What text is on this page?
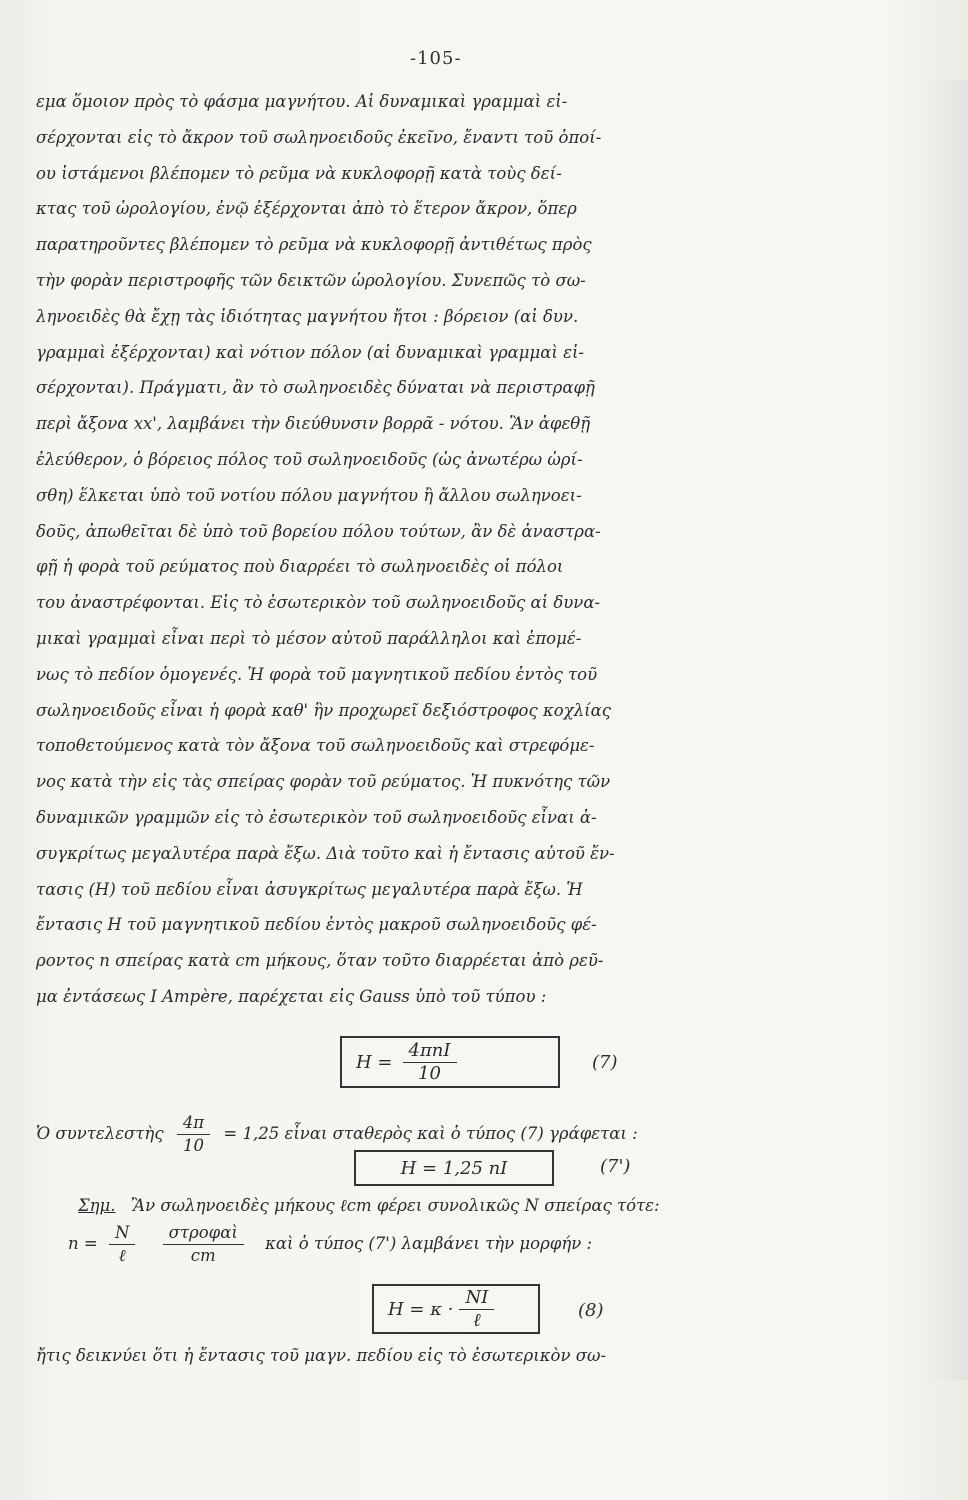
-105-
εμα ὅμοιον πρὸς τὸ φάσμα μαγνήτου. Αἱ δυναμικαὶ γραμμαὶ εἰ-
σέρχονται εἰς τὸ ἄκρον τοῦ σωληνοειδοῦς ἐκεῖνο, ἔναντι τοῦ ὁποί-
ου ἱστάμενοι βλέπομεν τὸ ρεῦμα νὰ κυκλοφορῇ κατὰ τοὺς δεί-
κτας τοῦ ὡρολογίου, ἐνῷ ἐξέρχονται ἀπὸ τὸ ἕτερον ἄκρον, ὅπερ
παρατηροῦντες βλέπομεν τὸ ρεῦμα νὰ κυκλοφορῇ ἀντιθέτως πρὸς
τὴν φορὰν περιστροφῆς τῶν δεικτῶν ὡρολογίου. Συνεπῶς τὸ σω-
ληνοειδὲς θὰ ἔχῃ τὰς ἰδιότητας μαγνήτου ἤτοι : βόρειον (αἱ δυν.
γραμμαὶ ἐξέρχονται) καὶ νότιον πόλον (αἱ δυναμικαὶ γραμμαὶ εἰ-
σέρχονται). Πράγματι, ἂν τὸ σωληνοειδὲς δύναται νὰ περιστραφῇ
περὶ ἄξονα xx', λαμβάνει τὴν διεύθυνσιν βορρᾶ - νότου. Ἂν ἀφεθῇ
ἐλεύθερον, ὁ βόρειος πόλος τοῦ σωληνοειδοῦς (ὡς ἀνωτέρω ὡρί-
σθη) ἕλκεται ὑπὸ τοῦ νοτίου πόλου μαγνήτου ἢ ἄλλου σωληνοει-
δοῦς, ἀπωθεῖται δὲ ὑπὸ τοῦ βορείου πόλου τούτων, ἂν δὲ ἀναστρα-
φῇ ἡ φορὰ τοῦ ρεύματος ποὺ διαρρέει τὸ σωληνοειδὲς οἱ πόλοι
του ἀναστρέφονται. Εἰς τὸ ἐσωτερικὸν τοῦ σωληνοειδοῦς αἱ δυνα-
μικαὶ γραμμαὶ εἶναι περὶ τὸ μέσον αὐτοῦ παράλληλοι καὶ ἑπομέ-
νως τὸ πεδίον ὁμογενές. Ἡ φορὰ τοῦ μαγνητικοῦ πεδίου ἐντὸς τοῦ
σωληνοειδοῦς εἶναι ἡ φορὰ καθ' ἣν προχωρεῖ δεξιόστροφος κοχλίας
τοποθετούμενος κατὰ τὸν ἄξονα τοῦ σωληνοειδοῦς καὶ στρεφόμε-
νος κατὰ τὴν εἰς τὰς σπείρας φορὰν τοῦ ρεύματος. Ἡ πυκνότης τῶν
δυναμικῶν γραμμῶν εἰς τὸ ἐσωτερικὸν τοῦ σωληνοειδοῦς εἶναι ἀ-
συγκρίτως μεγαλυτέρα παρὰ ἔξω. Διὰ τοῦτο καὶ ἡ ἔντασις αὐτοῦ ἔν-
τασις (H) τοῦ πεδίου εἶναι ἀσυγκρίτως μεγαλυτέρα παρὰ ἔξω. Ἡ
ἔντασις H τοῦ μαγνητικοῦ πεδίου ἐντὸς μακροῦ σωληνοειδοῦς φέ-
ροντος n σπείρας κατὰ cm μήκους, ὅταν τοῦτο διαρρέεται ἀπὸ ρεῦ-
μα ἐντάσεως I Ampère, παρέχεται εἰς Gauss ὑπὸ τοῦ τύπου :
$H = \frac{\text{4πnI}}{10}$	(7)
Ὁ συντελεστὴς $\frac{4\pi}{10} = 1,25$ εἶναι σταθερὸς καὶ ὁ τύπος (7) γράφεται :
H = 1,25 nI	(7')
Σημ. Ἂν σωληνοειδὲς μήκους ℓcm φέρει συνολικῶς N σπείρας τότε:
$n = \frac{N}{\text{ℓ}}$
$\frac{\text{στροφαὶ}}{cm}$ καὶ ὁ τύπος (7') λαμβάνει τὴν μορφήν :
$H = \kappa \cdot \frac{NI}{\text{ℓ}}$	(8)
ἤτις δεικνύει ὅτι ἡ ἔντασις τοῦ μαγν. πεδίου εἰς τὸ ἐσωτερικὸν σω-
